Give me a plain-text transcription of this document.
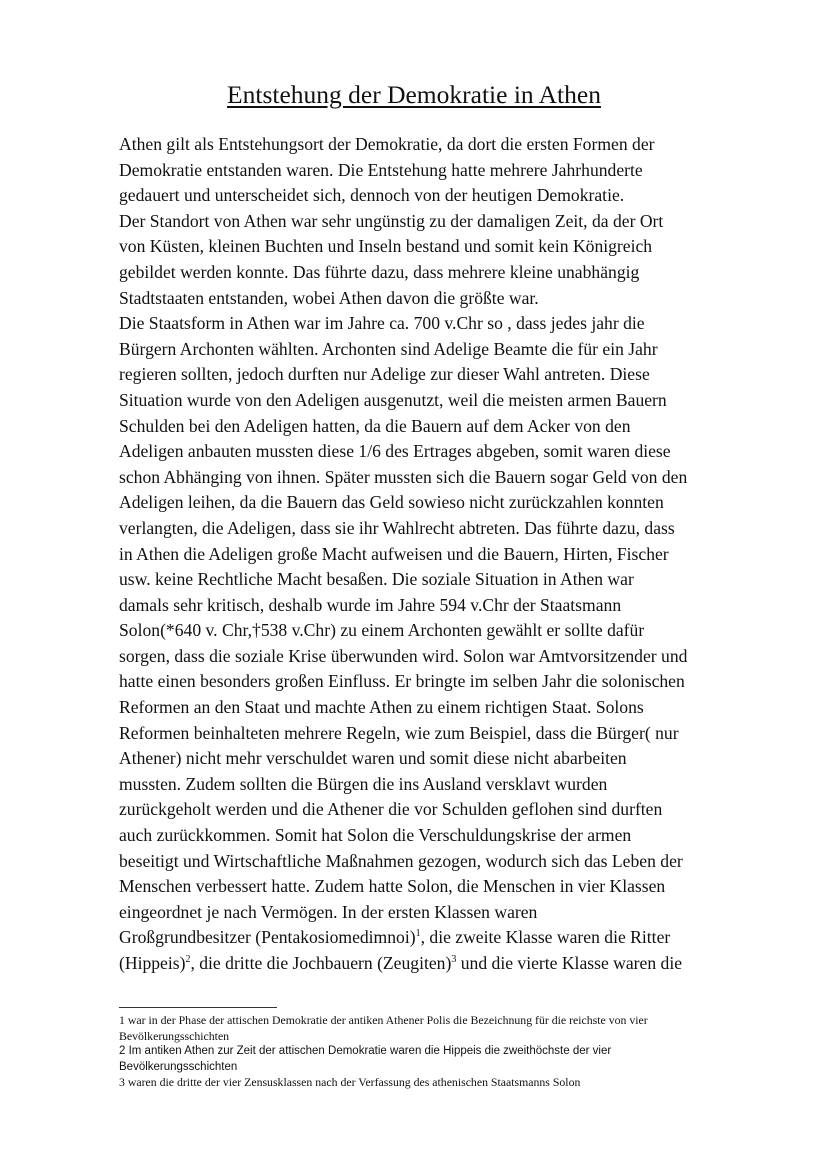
Entstehung der Demokratie in Athen
Athen gilt als Entstehungsort der Demokratie, da dort die ersten Formen der
Demokratie entstanden waren. Die Entstehung hatte mehrere Jahrhunderte
gedauert und unterscheidet sich, dennoch von der heutigen Demokratie.
Der Standort von Athen war sehr ungünstig zu der damaligen Zeit, da der Ort
von Küsten, kleinen Buchten und Inseln bestand und somit kein Königreich
gebildet werden konnte. Das führte dazu, dass mehrere kleine unabhängig
Stadtstaaten entstanden, wobei Athen davon die größte war.
Die Staatsform in Athen war im Jahre ca. 700 v.Chr so , dass jedes jahr die
Bürgern Archonten wählten. Archonten sind Adelige Beamte die für ein Jahr
regieren sollten, jedoch durften nur Adelige zur dieser Wahl antreten. Diese
Situation wurde von den Adeligen ausgenutzt, weil die meisten armen Bauern
Schulden bei den Adeligen hatten, da die Bauern auf dem Acker von den
Adeligen anbauten mussten diese 1/6 des Ertrages abgeben, somit waren diese
schon Abhänging von ihnen. Später mussten sich die Bauern sogar Geld von den
Adeligen leihen, da die Bauern das Geld sowieso nicht zurückzahlen konnten
verlangten, die Adeligen, dass sie ihr Wahlrecht abtreten. Das führte dazu, dass
in Athen die Adeligen große Macht aufweisen und die Bauern, Hirten, Fischer
usw. keine Rechtliche Macht besaßen. Die soziale Situation in Athen war
damals sehr kritisch, deshalb wurde im Jahre 594 v.Chr der Staatsmann
Solon(*640 v. Chr,†538 v.Chr) zu einem Archonten gewählt er sollte dafür
sorgen, dass die soziale Krise überwunden wird. Solon war Amtvorsitzender und
hatte einen besonders großen Einfluss. Er bringte im selben Jahr die solonischen
Reformen an den Staat und machte Athen zu einem richtigen Staat. Solons
Reformen beinhalteten mehrere Regeln, wie zum Beispiel, dass die Bürger( nur
Athener) nicht mehr verschuldet waren und somit diese nicht abarbeiten
mussten. Zudem sollten die Bürgen die ins Ausland versklavt wurden
zurückgeholt werden und die Athener die vor Schulden geflohen sind durften
auch zurückkommen. Somit hat Solon die Verschuldungskrise der armen
beseitigt und Wirtschaftliche Maßnahmen gezogen, wodurch sich das Leben der
Menschen verbessert hatte. Zudem hatte Solon, die Menschen in vier Klassen
eingeordnet je nach Vermögen. In der ersten Klassen waren
Großgrundbesitzer (Pentakosiomedimnoi)$^1$, die zweite Klasse waren die Ritter
(Hippeis)$^2$, die dritte die Jochbauern (Zeugiten)$^3$ und die vierte Klasse waren die
1 war in der Phase der attischen Demokratie der antiken Athener Polis die Bezeichnung für die reichste von vier
Bevölkerungsschichten
2 Im antiken Athen zur Zeit der attischen Demokratie waren die Hippeis die zweithöchste der vier
Bevölkerungsschichten
3 waren die dritte der vier Zensusklassen nach der Verfassung des athenischen Staatsmanns Solon
